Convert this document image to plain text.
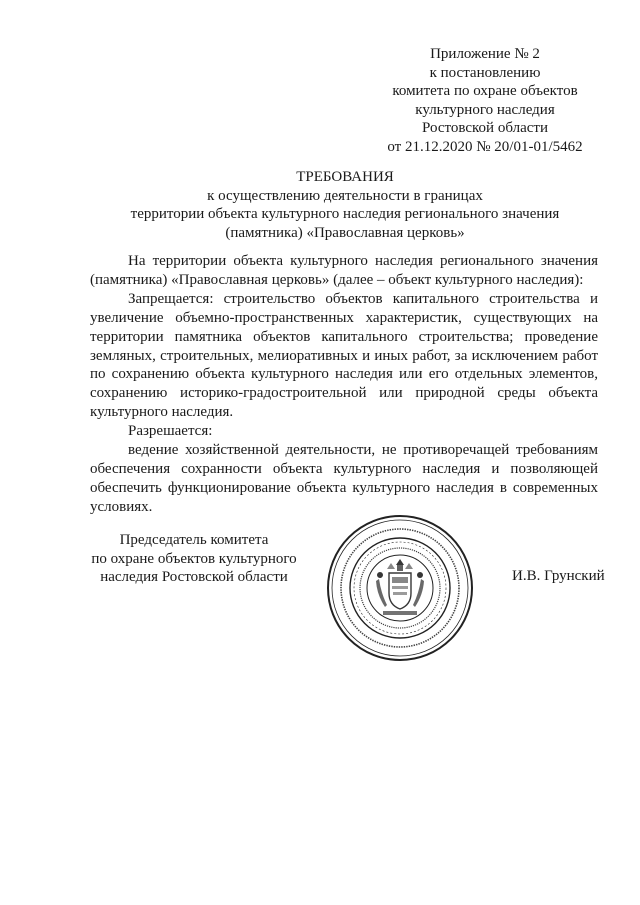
Приложение № 2
к постановлению
комитета по охране объектов
культурного наследия
Ростовской области
от 21.12.2020 № 20/01-01/5462
ТРЕБОВАНИЯ
к осуществлению деятельности в границах
территории объекта культурного наследия регионального значения
(памятника) «Православная церковь»

На территории объекта культурного наследия регионального значения (памятника) «Православная церковь» (далее – объект культурного наследия):

Запрещается: строительство объектов капитального строительства и увеличение объемно-пространственных характеристик, существующих на территории памятника объектов капитального строительства; проведение земляных, строительных, мелиоративных и иных работ, за исключением работ по сохранению объекта культурного наследия или его отдельных элементов, сохранению историко-градостроительной или природной среды объекта культурного наследия.

Разрешается:

ведение хозяйственной деятельности, не противоречащей требованиям обеспечения сохранности объекта культурного наследия и позволяющей обеспечить функционирование объекта культурного наследия в современных условиях.

Председатель комитета
по охране объектов культурного
наследия Ростовской области	И.В. Грунский
